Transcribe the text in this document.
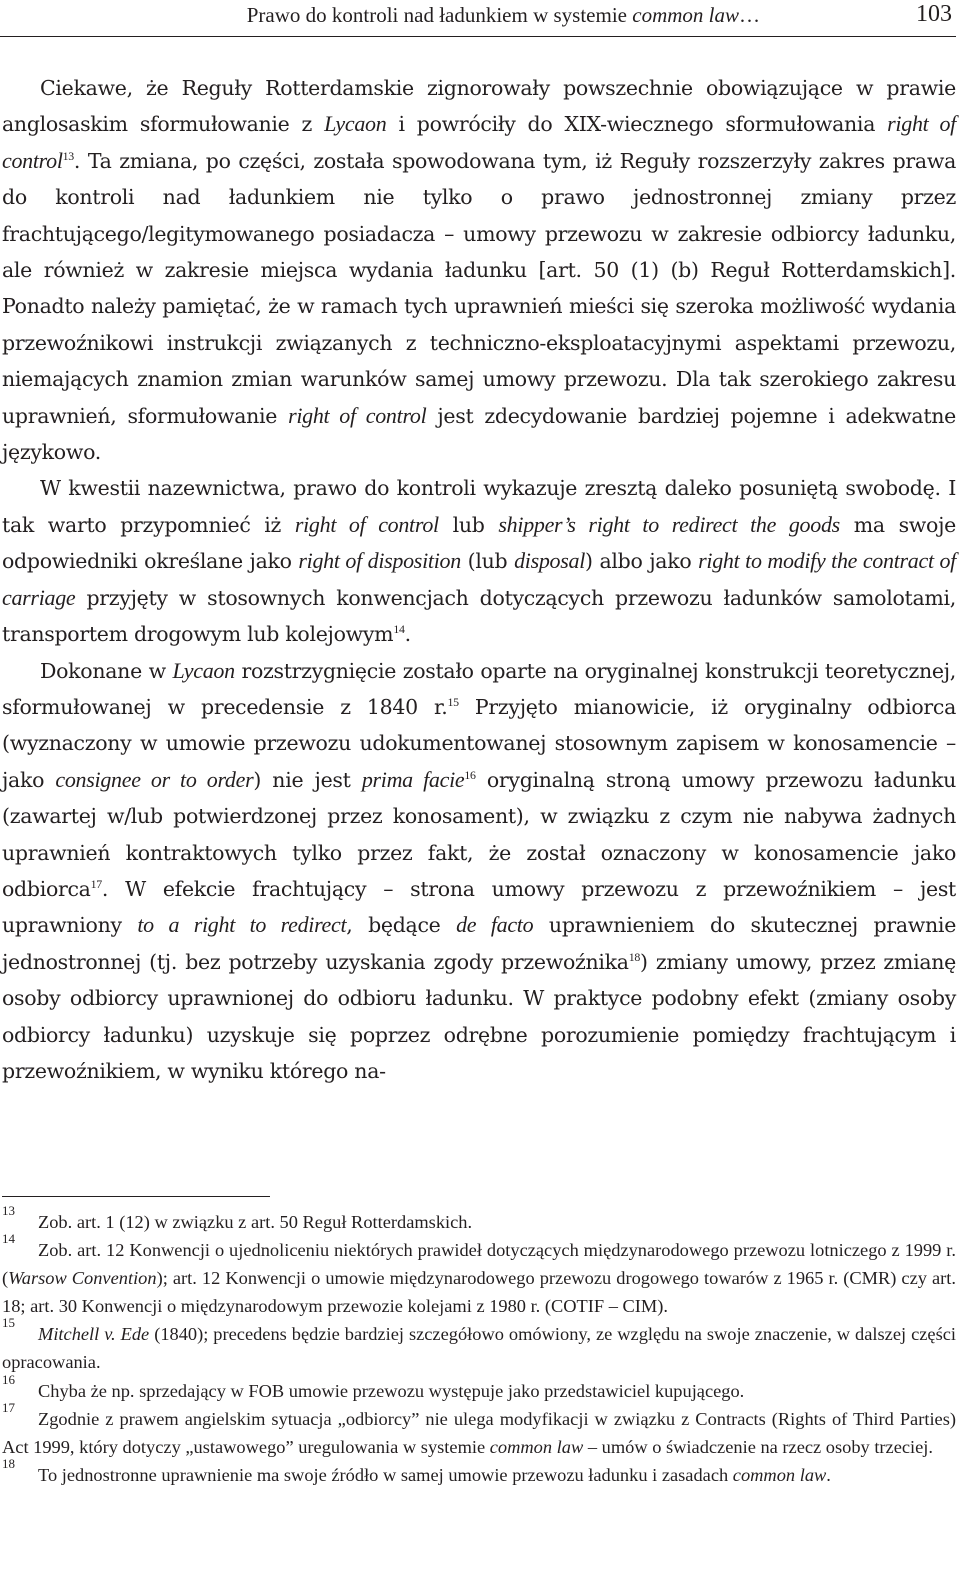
Prawo do kontroli nad ładunkiem w systemie common law…	103

Ciekawe, że Reguły Rotterdamskie zignorowały powszechnie obowiązujące w prawie anglosaskim sformułowanie z Lycaon i powróciły do XIX-wiecznego sformułowania right of control$^{13}$. Ta zmiana, po części, została spowodowana tym, iż Reguły rozszerzyły zakres prawa do kontroli nad ładunkiem nie tylko o prawo jednostronnej zmiany przez frachtującego/legitymowanego posiadacza – umowy przewozu w zakresie odbiorcy ładunku, ale również w zakresie miejsca wydania ładunku [art. 50 (1) (b) Reguł Rotterdamskich]. Ponadto należy pamiętać, że w ramach tych uprawnień mieści się szeroka możliwość wydania przewoźnikowi instrukcji związanych z techniczno-eksploatacyjnymi aspektami przewozu, niemających znamion zmian warunków samej umowy przewozu. Dla tak szerokiego zakresu uprawnień, sformułowanie right of control jest zdecydowanie bardziej pojemne i adekwatne językowo.

W kwestii nazewnictwa, prawo do kontroli wykazuje zresztą daleko posuniętą swobodę. I tak warto przypomnieć iż right of control lub shipper’s right to redirect the goods ma swoje odpowiedniki określane jako right of disposition (lub disposal) albo jako right to modify the contract of carriage przyjęty w stosownych konwencjach dotyczących przewozu ładunków samolotami, transportem drogowym lub kolejowym$^{14}$.

Dokonane w Lycaon rozstrzygnięcie zostało oparte na oryginalnej konstrukcji teoretycznej, sformułowanej w precedensie z 1840 r.$^{15}$ Przyjęto mianowicie, iż oryginalny odbiorca (wyznaczony w umowie przewozu udokumentowanej stosownym zapisem w konosamencie – jako consignee or to order) nie jest prima facie$^{16}$ oryginalną stroną umowy przewozu ładunku (zawartej w/lub potwierdzonej przez konosament), w związku z czym nie nabywa żadnych uprawnień kontraktowych tylko przez fakt, że został oznaczony w konosamencie jako odbiorca$^{17}$. W efekcie frachtujący – strona umowy przewozu z przewoźnikiem – jest uprawniony to a right to redirect, będące de facto uprawnieniem do skutecznej prawnie jednostronnej (tj. bez potrzeby uzyskania zgody przewoźnika$^{18}$) zmiany umowy, przez zmianę osoby odbiorcy uprawnionej do odbioru ładunku. W praktyce podobny efekt (zmiany osoby odbiorcy ładunku) uzyskuje się poprzez odrębne porozumienie pomiędzy frachtującym i przewoźnikiem, w wyniku którego na-

13Zob. art. 1 (12) w związku z art. 50 Reguł Rotterdamskich.

14Zob. art. 12 Konwencji o ujednoliceniu niektórych prawideł dotyczących międzynarodowego przewozu lotniczego z 1999 r. (Warsow Convention); art. 12 Konwencji o umowie międzynarodowego przewozu drogowego towarów z 1965 r. (CMR) czy art. 18; art. 30 Konwencji o międzynarodowym przewozie kolejami z 1980 r. (COTIF – CIM).

15Mitchell v. Ede (1840); precedens będzie bardziej szczegółowo omówiony, ze względu na swoje znaczenie, w dalszej części opracowania.

16Chyba że np. sprzedający w FOB umowie przewozu występuje jako przedstawiciel kupującego.

17Zgodnie z prawem angielskim sytuacja „odbiorcy” nie ulega modyfikacji w związku z Contracts (Rights of Third Parties) Act 1999, który dotyczy „ustawowego” uregulowania w systemie common law – umów o świadczenie na rzecz osoby trzeciej.

18To jednostronne uprawnienie ma swoje źródło w samej umowie przewozu ładunku i zasadach common law.
